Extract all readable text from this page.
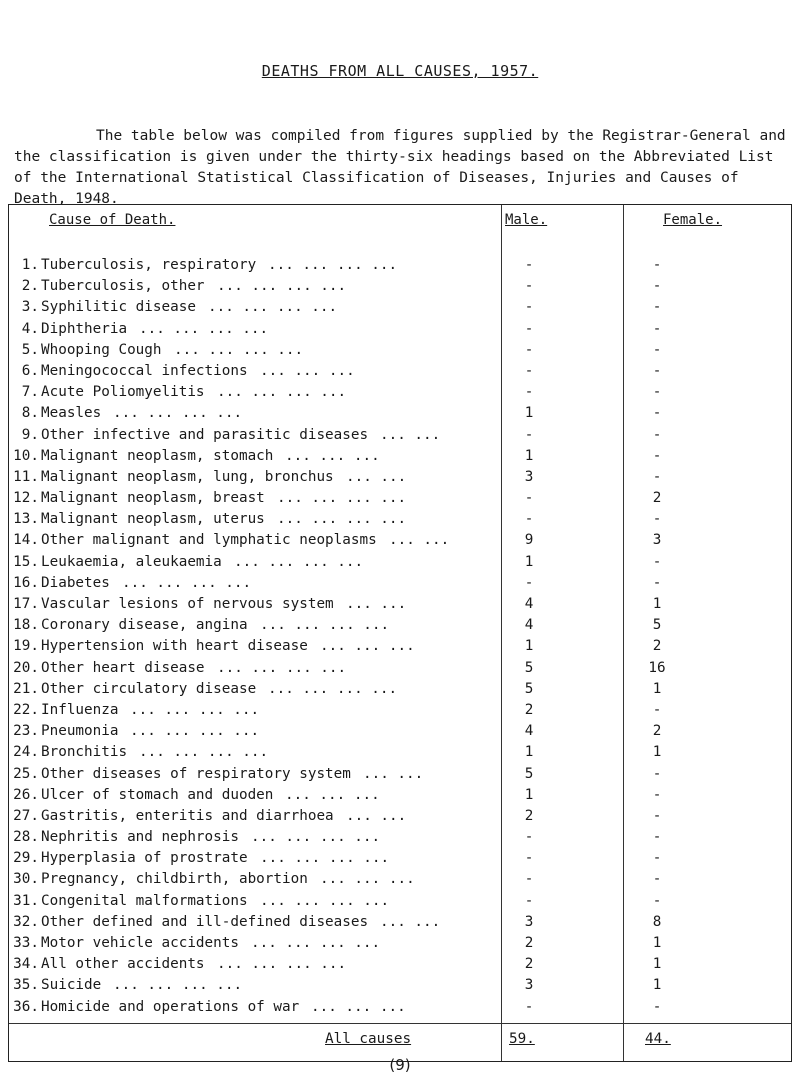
DEATHS FROM ALL CAUSES, 1957.

The table below was compiled from figures supplied by the Registrar-General and the classification is given under the thirty-six headings based on the Abbreviated List of the International Statistical Classification of Diseases, Injuries and Causes of Death, 1948.

Cause of Death.	Male.	Female.
1. Tuberculosis, respiratory ... ... ... ...	-	-
2. Tuberculosis, other ... ... ... ...	-	-
3. Syphilitic disease ... ... ... ...	-	-
4. Diphtheria ... ... ... ...	-	-
5. Whooping Cough ... ... ... ...	-	-
6. Meningococcal infections ... ... ...	-	-
7. Acute Poliomyelitis ... ... ... ...	-	-
8. Measles ... ... ... ...	1	-
9. Other infective and parasitic diseases ... ...	-	-
10. Malignant neoplasm, stomach ... ... ...	1	-
11. Malignant neoplasm, lung, bronchus ... ...	3	-
12. Malignant neoplasm, breast ... ... ... ...	-	2
13. Malignant neoplasm, uterus ... ... ... ...	-	-
14. Other malignant and lymphatic neoplasms ... ...	9	3
15. Leukaemia, aleukaemia ... ... ... ...	1	-
16. Diabetes ... ... ... ...	-	-
17. Vascular lesions of nervous system ... ...	4	1
18. Coronary disease, angina ... ... ... ...	4	5
19. Hypertension with heart disease ... ... ...	1	2
20. Other heart disease ... ... ... ...	5	16
21. Other circulatory disease ... ... ... ...	5	1
22. Influenza ... ... ... ...	2	-
23. Pneumonia ... ... ... ...	4	2
24. Bronchitis ... ... ... ...	1	1
25. Other diseases of respiratory system ... ...	5	-
26. Ulcer of stomach and duoden ... ... ...	1	-
27. Gastritis, enteritis and diarrhoea ... ...	2	-
28. Nephritis and nephrosis ... ... ... ...	-	-
29. Hyperplasia of prostrate ... ... ... ...	-	-
30. Pregnancy, childbirth, abortion ... ... ...	-	-
31. Congenital malformations ... ... ... ...	-	-
32. Other defined and ill-defined diseases ... ...	3	8
33. Motor vehicle accidents ... ... ... ...	2	1
34. All other accidents ... ... ... ...	2	1
35. Suicide ... ... ... ...	3	1
36. Homicide and operations of war ... ... ...	-	-
All causes	59.	44.
(9)
